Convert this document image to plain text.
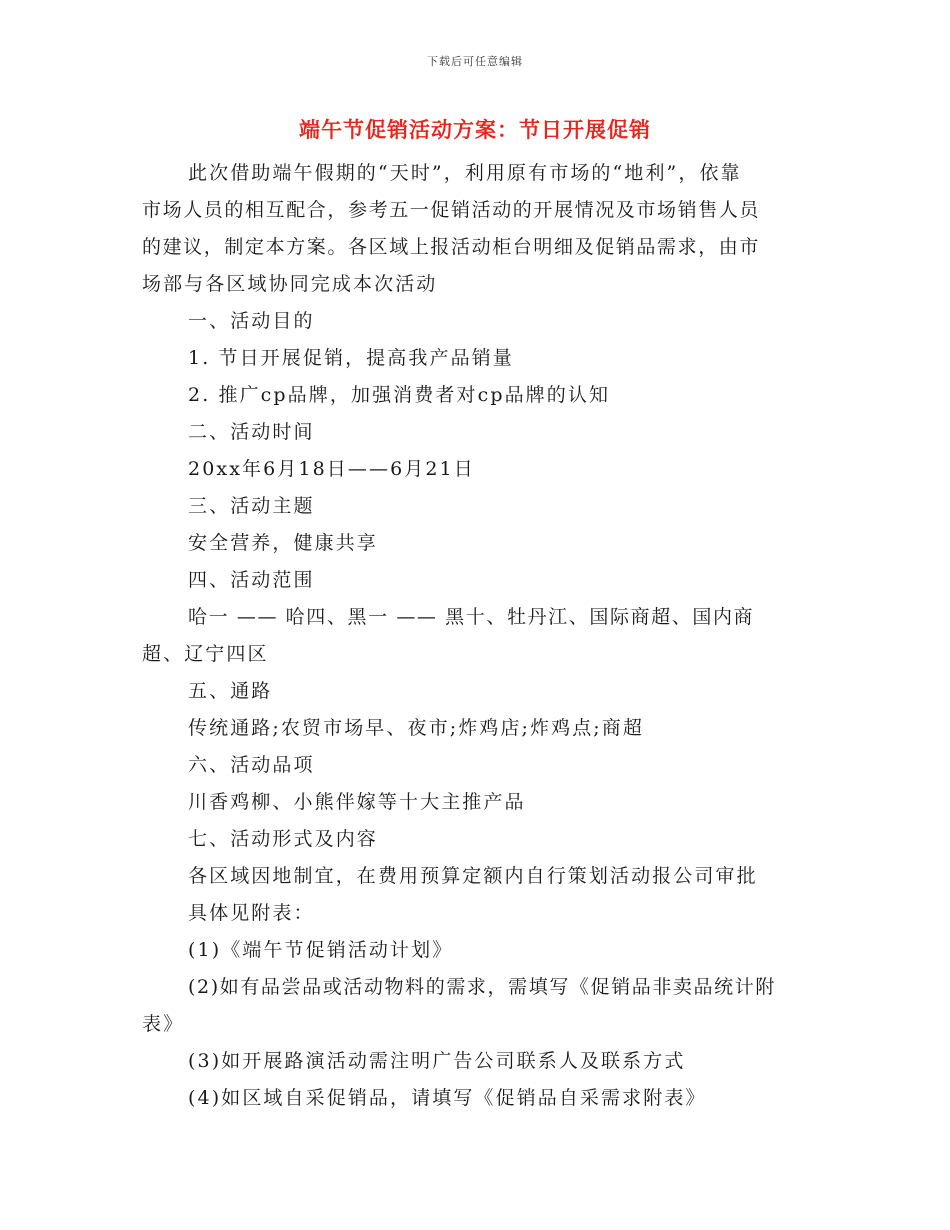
下载后可任意编辑
端午节促销活动方案：节日开展促销
此次借助端午假期的“天时”，利用原有市场的“地利”，依靠
市场人员的相互配合，参考五一促销活动的开展情况及市场销售人员
的建议，制定本方案。各区域上报活动柜台明细及促销品需求，由市
场部与各区域协同完成本次活动
一、活动目的
1. 节日开展促销，提高我产品销量
2. 推广cp品牌，加强消费者对cp品牌的认知
二、活动时间
20xx年6月18日——6月21日
三、活动主题
安全营养，健康共享
四、活动范围
哈一 —— 哈四、黑一 —— 黑十、牡丹江、国际商超、国内商
超、辽宁四区
五、通路
传统通路;农贸市场早、夜市;炸鸡店;炸鸡点;商超
六、活动品项
川香鸡柳、小熊伴嫁等十大主推产品
七、活动形式及内容
各区域因地制宜，在费用预算定额内自行策划活动报公司审批
具体见附表：
(1)《端午节促销活动计划》
(2)如有品尝品或活动物料的需求，需填写《促销品非卖品统计附
表》
(3)如开展路演活动需注明广告公司联系人及联系方式
(4)如区域自采促销品，请填写《促销品自采需求附表》
